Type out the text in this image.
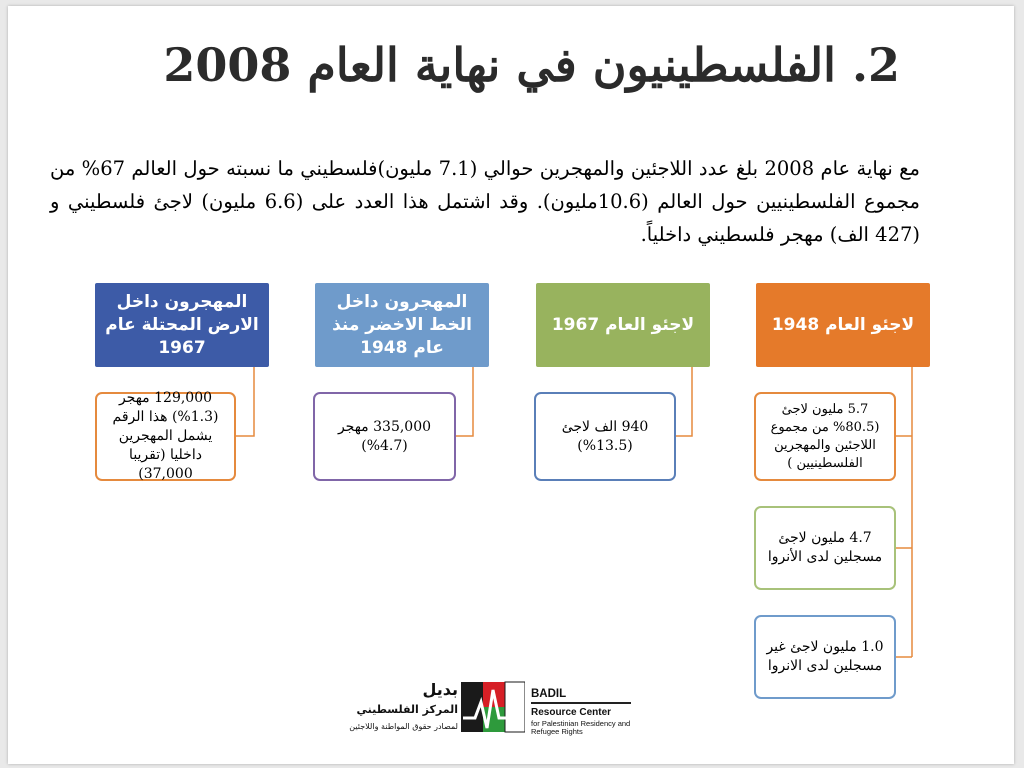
2. الفلسطينيون في نهاية العام 2008
مع نهاية عام 2008 بلغ عدد اللاجئين والمهجرين حوالي (7.1 مليون)فلسطيني ما نسبته حول العالم 67% من مجموع الفلسطينيين حول العالم (10.6مليون). وقد اشتمل هذا العدد على (6.6 مليون) لاجئ فلسطيني و (427 الف) مهجر فلسطيني داخلياً.
المهجرون داخل الارض المحتلة عام 1967
المهجرون داخل الخط الاخضر منذ عام 1948
لاجئو العام 1967	لاجئو العام 1948
129,000 مهجر (1.3%) هذا الرقم يشمل المهجرين داخليا (تقريبا 37,000)
335,000 مهجر (4.7%)
940 الف لاجئ (13.5%)
5.7 مليون لاجئ (80.5% من مجموع اللاجئين والمهجرين الفلسطينيين )
4.7 مليون لاجئ مسجلين لدى الأنروا
1.0 مليون لاجئ غير مسجلين لدى الانروا
بديل
المركز الفلسطيني
لمصادر حقوق المواطنة واللاجئين
BADIL
Resource Center
for Palestinian Residency and
Refugee Rights
